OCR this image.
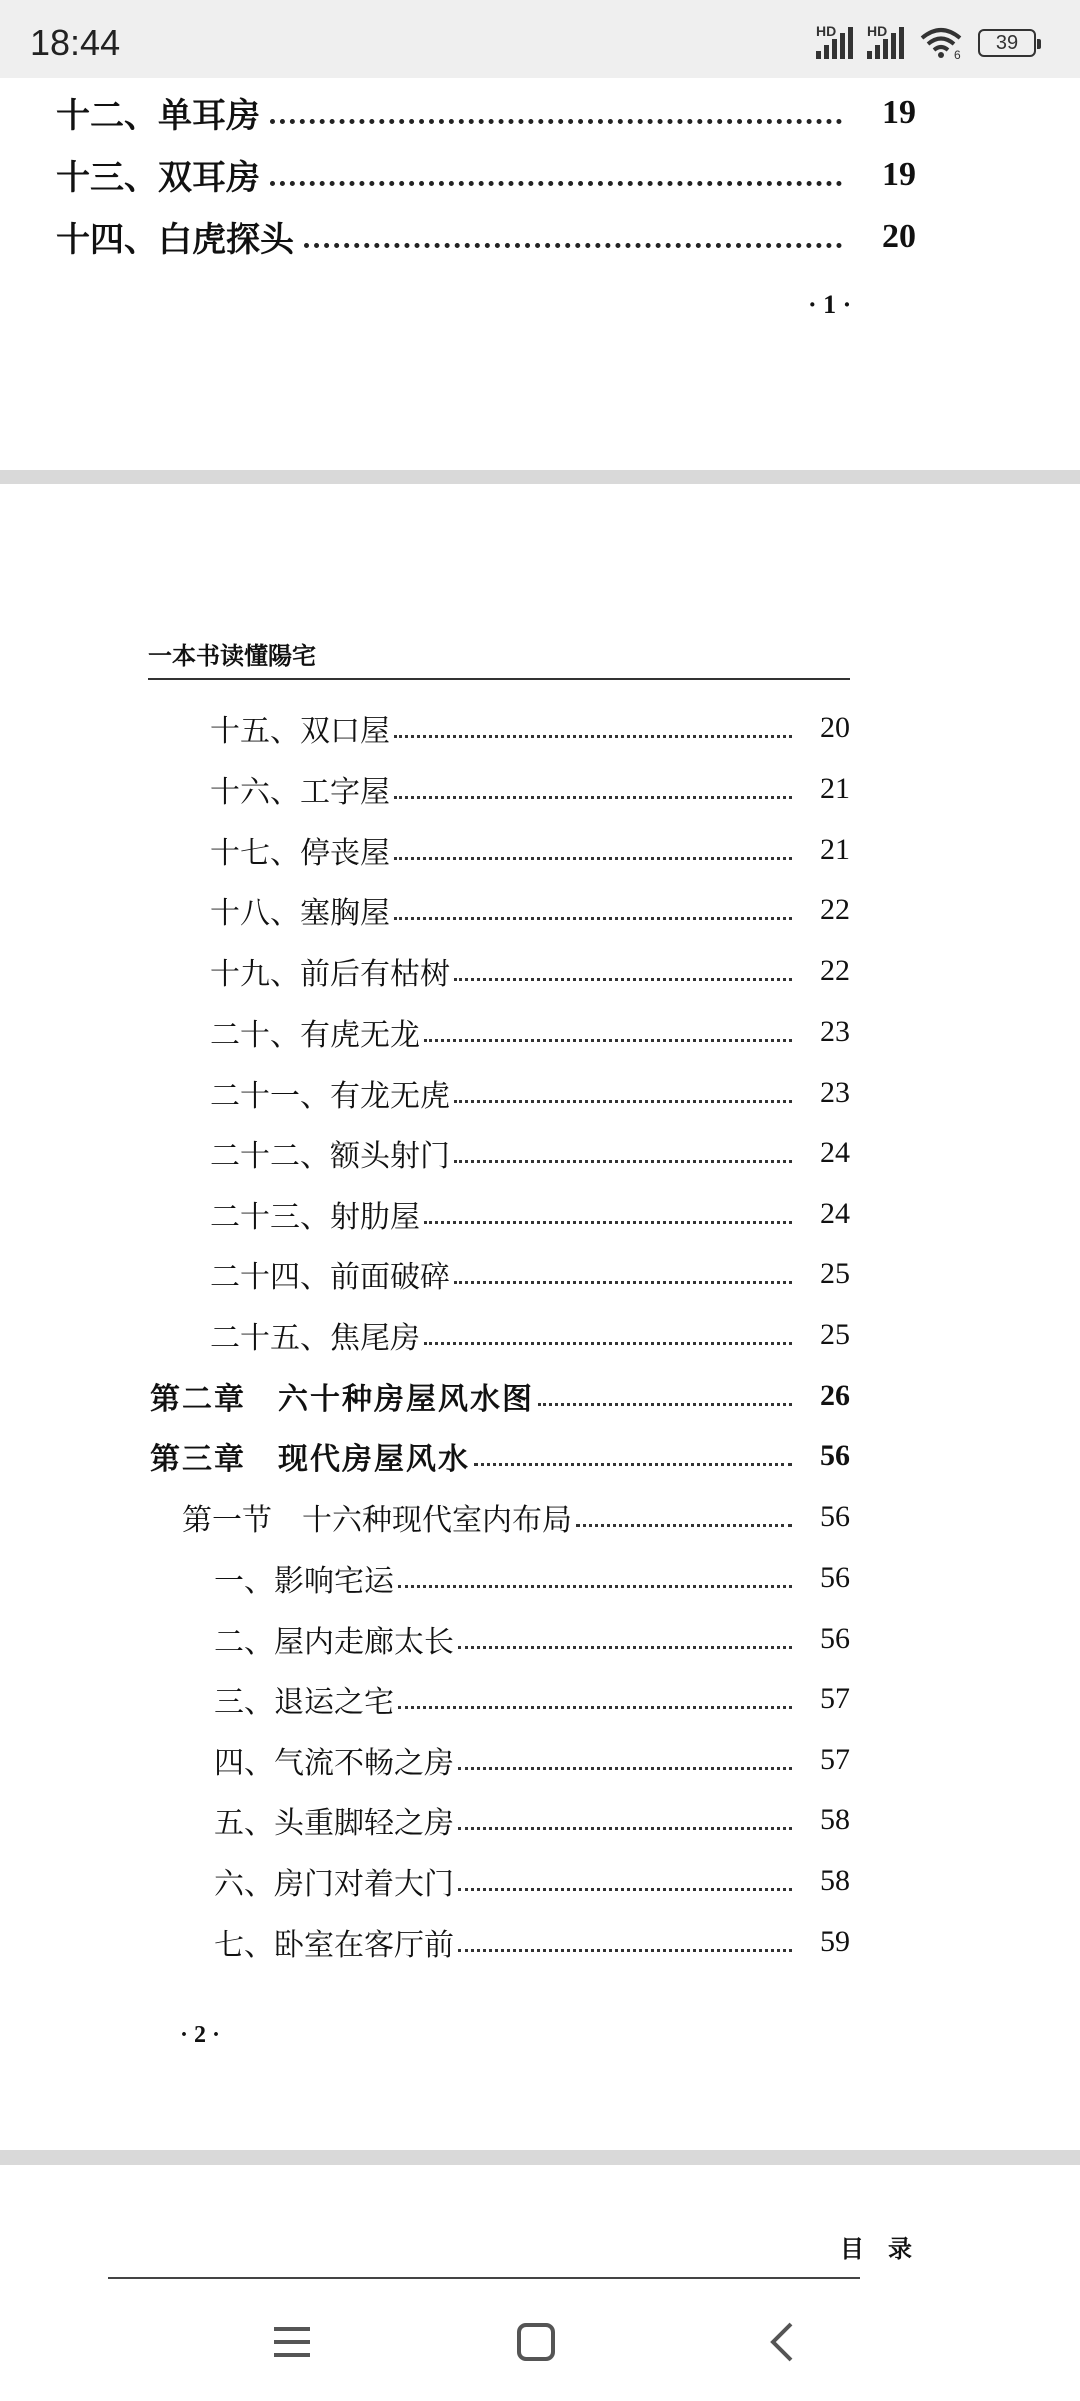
18:44	HD HD
6
39
十二、单耳房	19
十三、双耳房	19
十四、白虎探头	20
· 1 ·
一本书读懂陽宅
十五、双口屋	20
十六、工字屋	21
十七、停丧屋	21
十八、塞胸屋	22
十九、前后有枯树	22
二十、有虎无龙	23
二十一、有龙无虎	23
二十二、额头射门	24
二十三、射肋屋	24
二十四、前面破碎	25
二十五、焦尾房	25
第二章　六十种房屋风水图	26
第三章　现代房屋风水	56
第一节　十六种现代室内布局	56
一、影响宅运	56
二、屋内走廊太长	56
三、退运之宅	57
四、气流不畅之房	57
五、头重脚轻之房	58
六、房门对着大门	58
七、卧室在客厅前	59
· 2 ·
目　录
